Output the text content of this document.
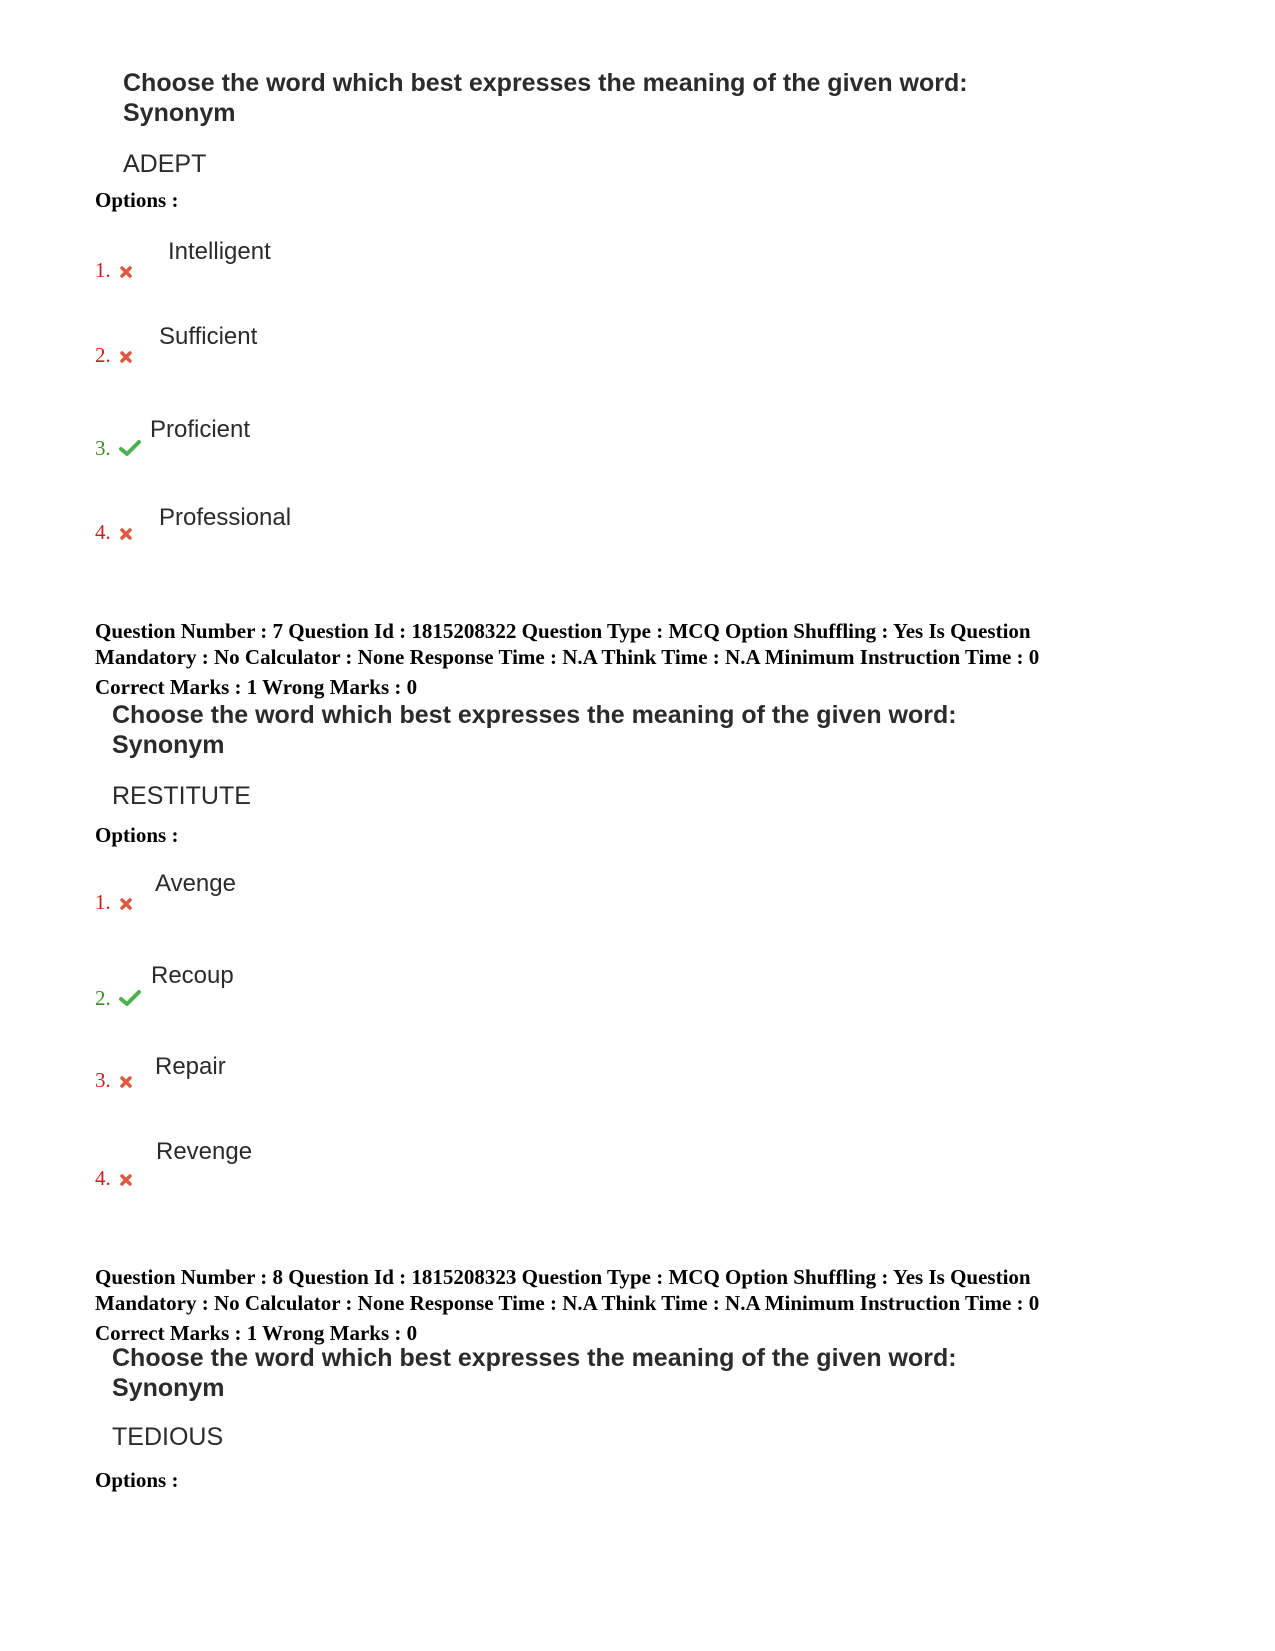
Choose the word which best expresses the meaning of the given word:
Synonym
ADEPT
Options :
1.
Intelligent
2.
Sufficient
3.
Proficient
4.
Professional
Question Number : 7 Question Id : 1815208322 Question Type : MCQ Option Shuffling : Yes Is Question
Mandatory : No Calculator : None Response Time : N.A Think Time : N.A Minimum Instruction Time : 0
Correct Marks : 1 Wrong Marks : 0
Choose the word which best expresses the meaning of the given word:
Synonym
RESTITUTE
Options :
1.
Avenge
2.
Recoup
3.	Repair
4.
Revenge
Question Number : 8 Question Id : 1815208323 Question Type : MCQ Option Shuffling : Yes Is Question
Mandatory : No Calculator : None Response Time : N.A Think Time : N.A Minimum Instruction Time : 0
Correct Marks : 1 Wrong Marks : 0
Choose the word which best expresses the meaning of the given word:
Synonym
TEDIOUS
Options :
